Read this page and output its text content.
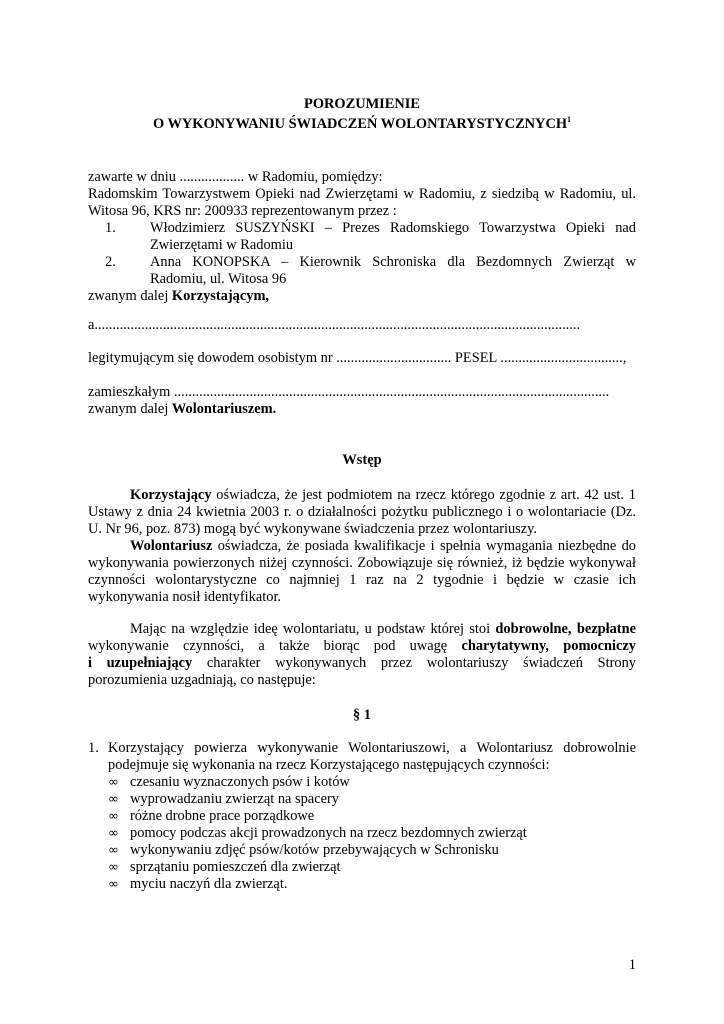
POROZUMIENIE
O WYKONYWANIU ŚWIADCZEŃ WOLONTARYSTYCZNYCH$^1$
zawarte w dniu .................. w Radomiu, pomiędzy:
Radomskim Towarzystwem Opieki nad Zwierzętami w Radomiu, z siedzibą w Radomiu, ul.
Witosa 96, KRS nr: 200933 reprezentowanym przez :
1. Włodzimierz SUSZYŃSKI – Prezes Radomskiego Towarzystwa Opieki nad
Zwierzętami w Radomiu
2. Anna KONOPSKA – Kierownik Schroniska dla Bezdomnych Zwierząt w
Radomiu, ul. Witosa 96
zwanym dalej Korzystającym,
a.......................................................................................................................................
legitymującym się dowodem osobistym nr ................................ PESEL ..................................,
zamieszkałym .........................................................................................................................
zwanym dalej Wolontariuszem.
Wstęp
Korzystający oświadcza, że jest podmiotem na rzecz którego zgodnie z art. 42 ust. 1
Ustawy z dnia 24 kwietnia 2003 r. o działalności pożytku publicznego i o wolontariacie (Dz.
U. Nr 96, poz. 873) mogą być wykonywane świadczenia przez wolontariuszy.
Wolontariusz oświadcza, że posiada kwalifikacje i spełnia wymagania niezbędne do
wykonywania powierzonych niżej czynności. Zobowiązuje się również, iż będzie wykonywał
czynności wolontarystyczne co najmniej 1 raz na 2 tygodnie i będzie w czasie ich
wykonywania nosił identyfikator.
Mając na względzie ideę wolontariatu, u podstaw której stoi dobrowolne, bezpłatne
wykonywanie czynności, a także biorąc pod uwagę charytatywny, pomocniczy
i uzupełniający charakter wykonywanych przez wolontariuszy świadczeń Strony
porozumienia uzgadniają, co następuje:
§ 1
1. Korzystający powierza wykonywanie Wolontariuszowi, a Wolontariusz dobrowolnie
podejmuje się wykonania na rzecz Korzystającego następujących czynności:
∞ czesaniu wyznaczonych psów i kotów
∞ wyprowadzaniu zwierząt na spacery
∞ różne drobne prace porządkowe
∞ pomocy podczas akcji prowadzonych na rzecz bezdomnych zwierząt
∞ wykonywaniu zdjęć psów/kotów przebywających w Schronisku
∞ sprzątaniu pomieszczeń dla zwierząt
∞ myciu naczyń dla zwierząt.
1
